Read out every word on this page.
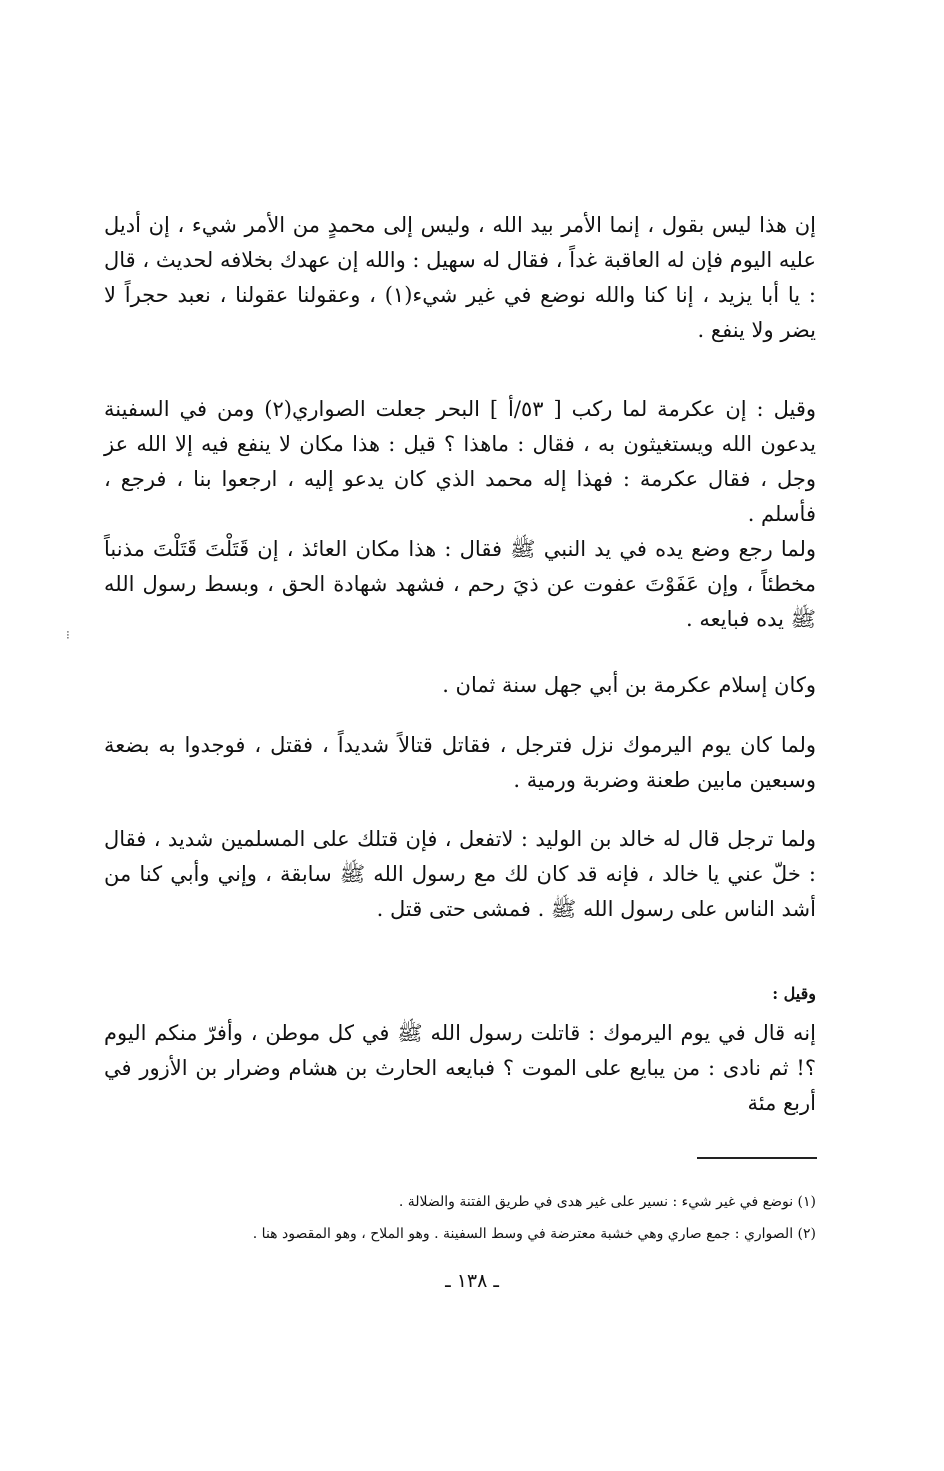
إن هذا ليس بقول ، إنما الأمر بيد الله ، وليس إلى محمدٍ من الأمر شيء ، إن أديل عليه اليوم فإن له العاقبة غداً ، فقال له سهيل : والله إن عهدك بخلافه لحديث ، قال : يا أبا يزيد ، إنا كنا والله نوضع في غير شيء(١) ، وعقولنا عقولنا ، نعبد حجراً لا يضر ولا ينفع .

وقيل : إن عكرمة لما ركب [ ٥٣/أ ] البحر جعلت الصواري(٢) ومن في السفينة يدعون الله ويستغيثون به ، فقال : ماهذا ؟ قيل : هذا مكان لا ينفع فيه إلا الله عز وجل ، فقال عكرمة : فهذا إله محمد الذي كان يدعو إليه ، ارجعوا بنا ، فرجع ، فأسلم .

ولما رجع وضع يده في يد النبي ﷺ فقال : هذا مكان العائذ ، إن قَتَلْتَ قَتَلْتَ مذنباً مخطئاً ، وإن عَفَوْتَ عفوت عن ذيَ رحم ، فشهد شهادة الحق ، وبسط رسول الله ﷺ يده فبايعه .

وكان إسلام عكرمة بن أبي جهل سنة ثمان .

ولما كان يوم اليرموك نزل فترجل ، فقاتل قتالاً شديداً ، فقتل ، فوجدوا به بضعة وسبعين مابين طعنة وضربة ورمية .

ولما ترجل قال له خالد بن الوليد : لاتفعل ، فإن قتلك على المسلمين شديد ، فقال : خلّ عني يا خالد ، فإنه قد كان لك مع رسول الله ﷺ سابقة ، وإني وأبي كنا من أشد الناس على رسول الله ﷺ . فمشى حتى قتل .

وقيل :

إنه قال في يوم اليرموك : قاتلت رسول الله ﷺ في كل موطن ، وأفرّ منكم اليوم ؟! ثم نادى : من يبايع على الموت ؟ فبايعه الحارث بن هشام وضرار بن الأزور في أربع مئة

(١) نوضع في غير شيء : نسير على غير هدى في طريق الفتنة والضلالة .
(٢) الصواري : جمع صاري وهي خشبة معترضة في وسط السفينة . وهو الملاح ، وهو المقصود هنا .
ـ ١٣٨ ـ
⁝
